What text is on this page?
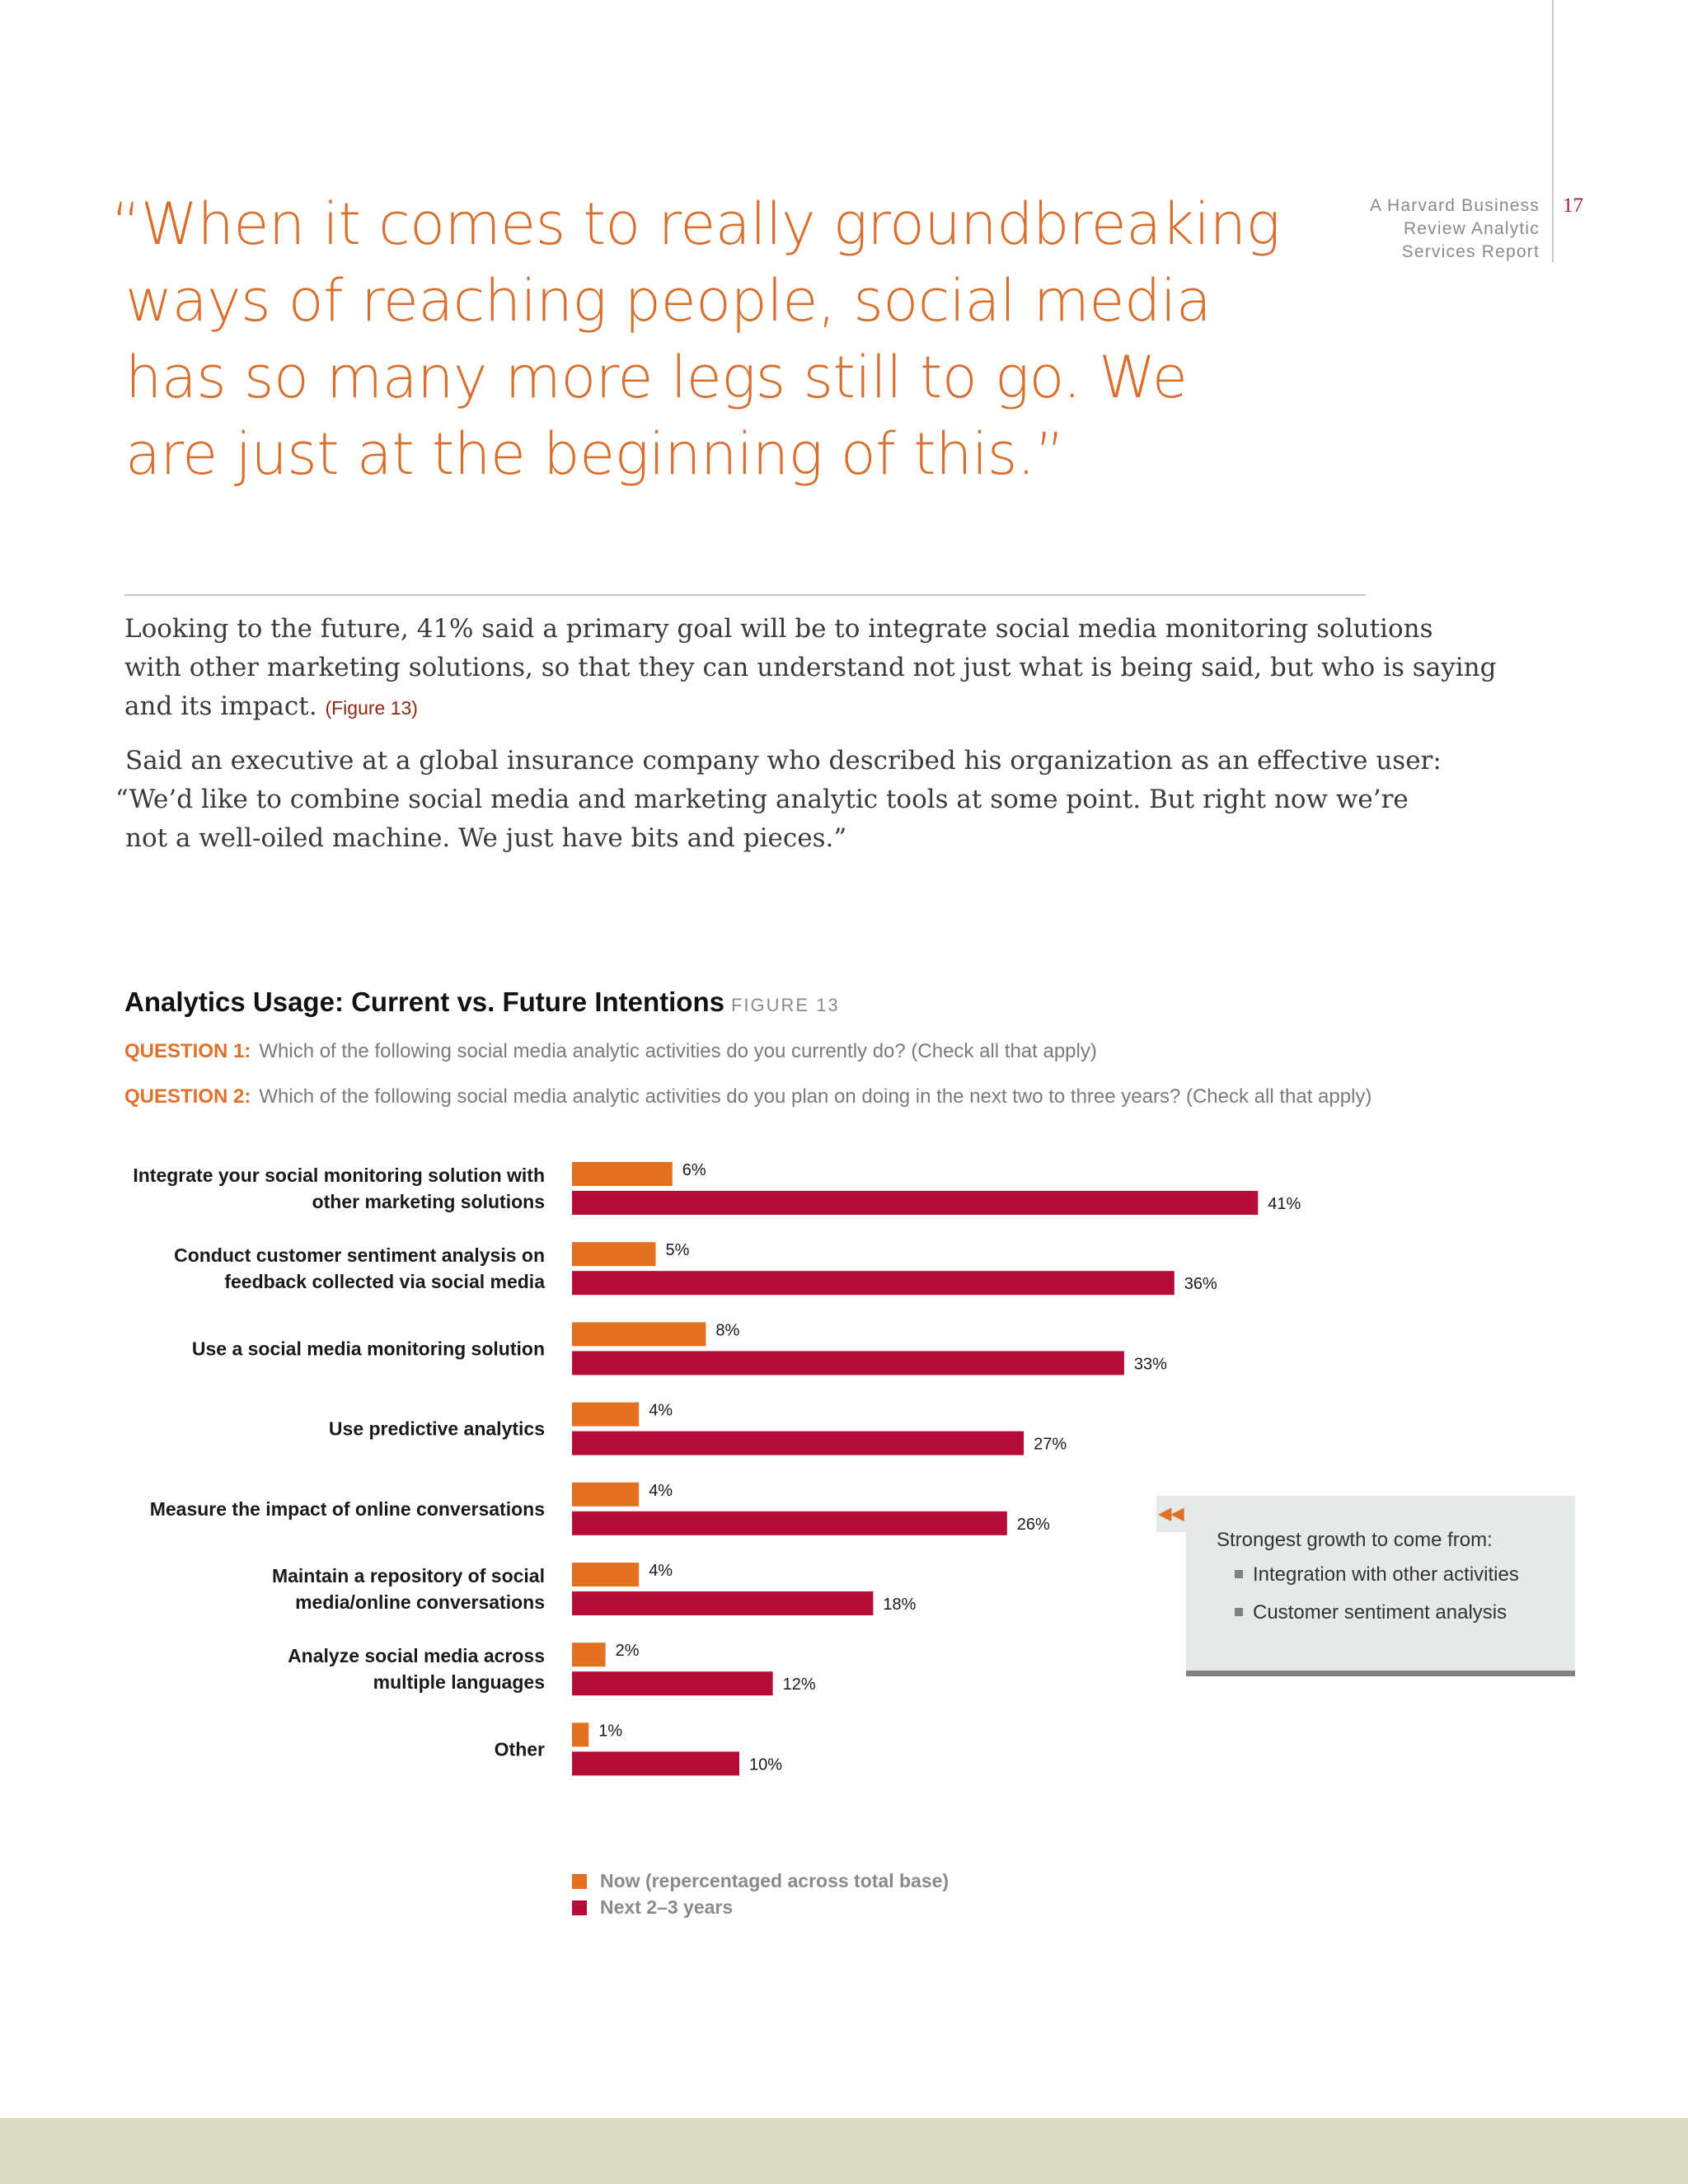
A Harvard Business
Review Analytic
Services Report
17
“When it comes to really groundbreaking
ways of reaching people, social media
has so many more legs still to go. We
are just at the beginning of this.”
Looking to the future, 41% said a primary goal will be to integrate social media monitoring solutions
with other marketing solutions, so that they can understand not just what is being said, but who is saying
and its impact. (Figure 13)
Said an executive at a global insurance company who described his organization as an effective user:
“We’d like to combine social media and marketing analytic tools at some point. But right now we’re
not a well-oiled machine. We just have bits and pieces.”
Analytics Usage: Current vs. Future Intentions FIGURE 13
QUESTION 1: Which of the following social media analytic activities do you currently do? (Check all that apply)
QUESTION 2: Which of the following social media analytic activities do you plan on doing in the next two to three years? (Check all that apply)
Integrate your social monitoring solution with
other marketing solutions
6%
41%
Conduct customer sentiment analysis on
feedback collected via social media
5%
36%
Use a social media monitoring solution
8%
33%
Use predictive analytics
4%
27%
Measure the impact of online conversations
4%
26%
Maintain a repository of social
media/online conversations
4%
18%
Analyze social media across
multiple languages
2%
12%
Other
1%
10%
Now (repercentaged across total base)
Next 2–3 years
◀◀
Strongest growth to come from:
Integration with other activities
Customer sentiment analysis
